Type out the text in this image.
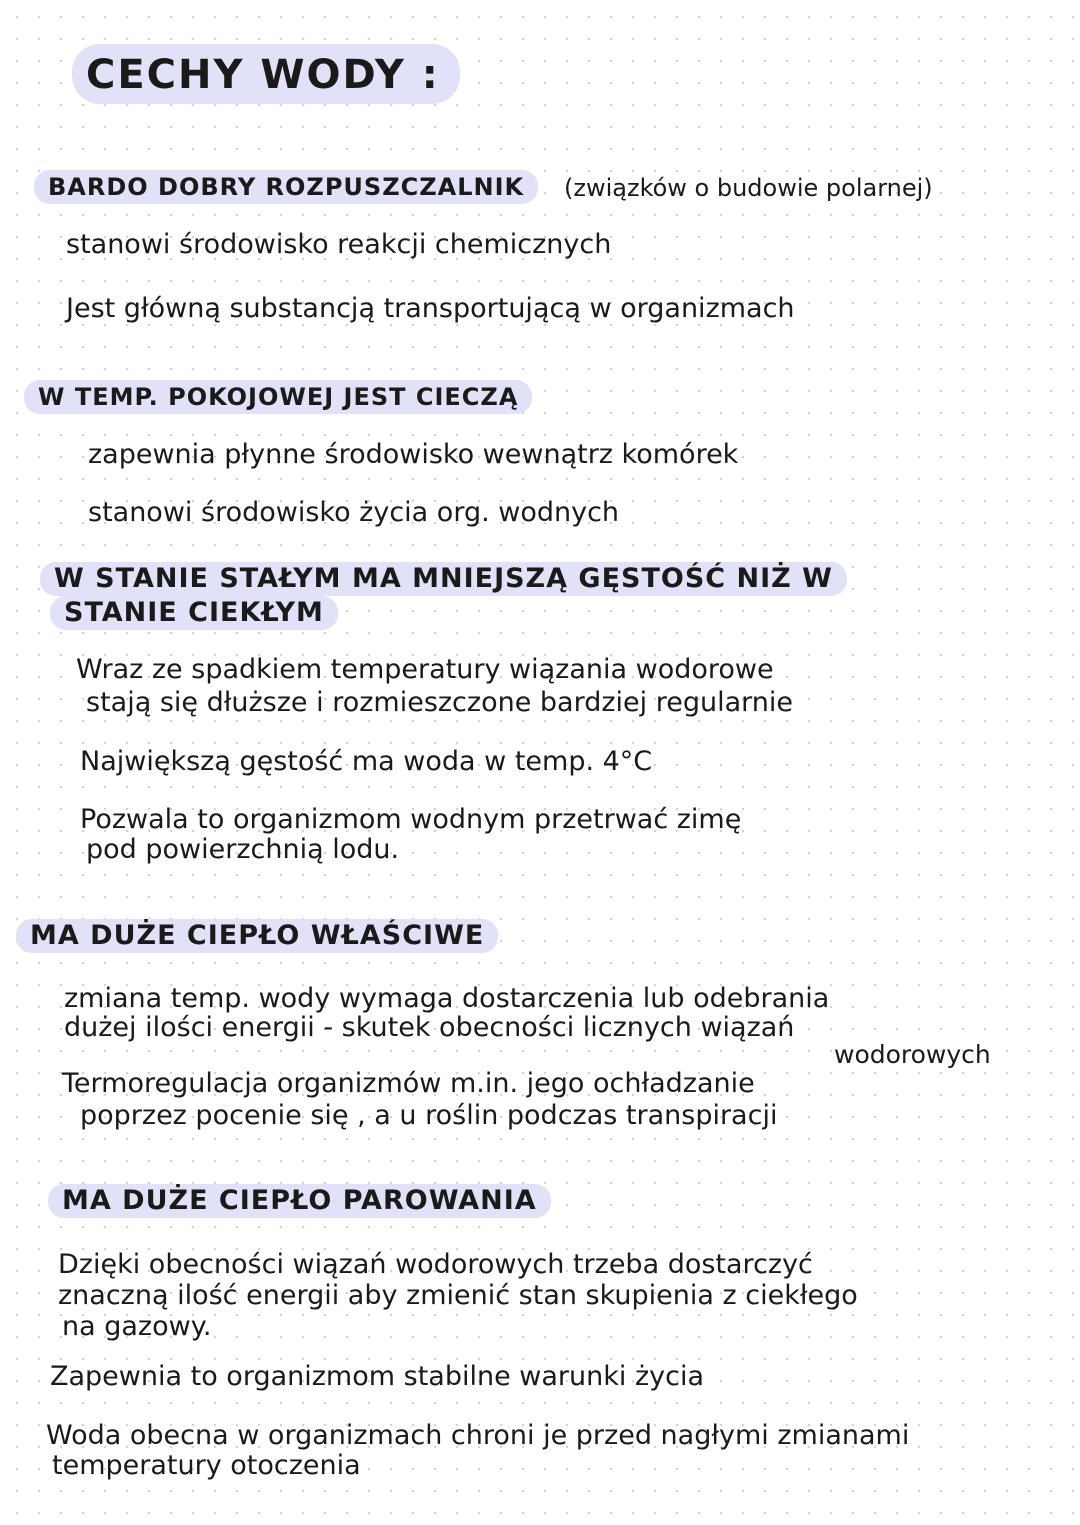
CECHY WODY :
BARDO DOBRY ROZPUSZCZALNIK	(związków o budowie polarnej)
stanowi środowisko reakcji chemicznych
Jest główną substancją transportującą w organizmach
W TEMP. POKOJOWEJ JEST CIECZĄ
zapewnia płynne środowisko wewnątrz komórek
stanowi środowisko życia org. wodnych
W STANIE STAŁYM MA MNIEJSZĄ GĘSTOŚĆ NIŻ W
STANIE CIEKŁYM
Wraz ze spadkiem temperatury wiązania wodorowe
stają się dłuższe i rozmieszczone bardziej regularnie
Największą gęstość ma woda w temp. 4°C
Pozwala to organizmom wodnym przetrwać zimę
pod powierzchnią lodu.
MA DUŻE CIEPŁO WŁAŚCIWE
zmiana temp. wody wymaga dostarczenia lub odebrania
dużej ilości energii - skutek obecności licznych wiązań
wodorowych
Termoregulacja organizmów m.in. jego ochładzanie
poprzez pocenie się , a u roślin podczas transpiracji
MA DUŻE CIEPŁO PAROWANIA
Dzięki obecności wiązań wodorowych trzeba dostarczyć
znaczną ilość energii aby zmienić stan skupienia z ciekłego
na gazowy.
Zapewnia to organizmom stabilne warunki życia
Woda obecna w organizmach chroni je przed nagłymi zmianami
temperatury otoczenia
